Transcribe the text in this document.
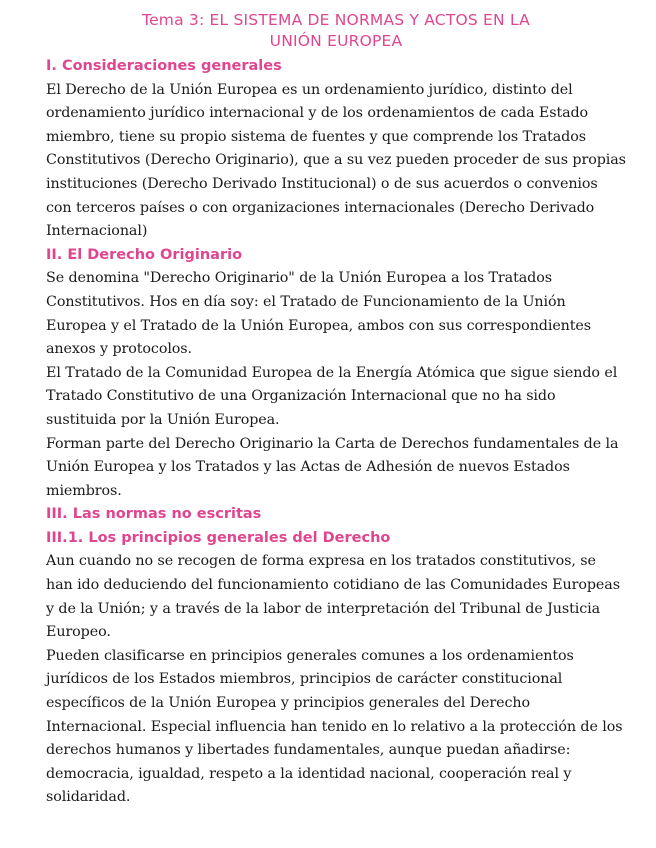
Tema 3: EL SISTEMA DE NORMAS Y ACTOS EN LA
UNIÓN EUROPEA
I. Consideraciones generales

El Derecho de la Unión Europea es un ordenamiento jurídico, distinto del ordenamiento jurídico internacional y de los ordenamientos de cada Estado miembro, tiene su propio sistema de fuentes y que comprende los Tratados Constitutivos (Derecho Originario), que a su vez pueden proceder de sus propias instituciones (Derecho Derivado Institucional) o de sus acuerdos o convenios con terceros países o con organizaciones internacionales (Derecho Derivado Internacional)

II. El Derecho Originario

Se denomina "Derecho Originario" de la Unión Europea a los Tratados Constitutivos. Hos en día soy: el Tratado de Funcionamiento de la Unión Europea y el Tratado de la Unión Europea, ambos con sus correspondientes anexos y protocolos.

El Tratado de la Comunidad Europea de la Energía Atómica que sigue siendo el Tratado Constitutivo de una Organización Internacional que no ha sido sustituida por la Unión Europea.

Forman parte del Derecho Originario la Carta de Derechos fundamentales de la Unión Europea y los Tratados y las Actas de Adhesión de nuevos Estados miembros.

III. Las normas no escritas
III.1. Los principios generales del Derecho

Aun cuando no se recogen de forma expresa en los tratados constitutivos, se han ido deduciendo del funcionamiento cotidiano de las Comunidades Europeas y de la Unión; y a través de la labor de interpretación del Tribunal de Justicia Europeo.

Pueden clasificarse en principios generales comunes a los ordenamientos jurídicos de los Estados miembros, principios de carácter constitucional específicos de la Unión Europea y principios generales del Derecho Internacional. Especial influencia han tenido en lo relativo a la protección de los derechos humanos y libertades fundamentales, aunque puedan añadirse: democracia, igualdad, respeto a la identidad nacional, cooperación real y solidaridad.
